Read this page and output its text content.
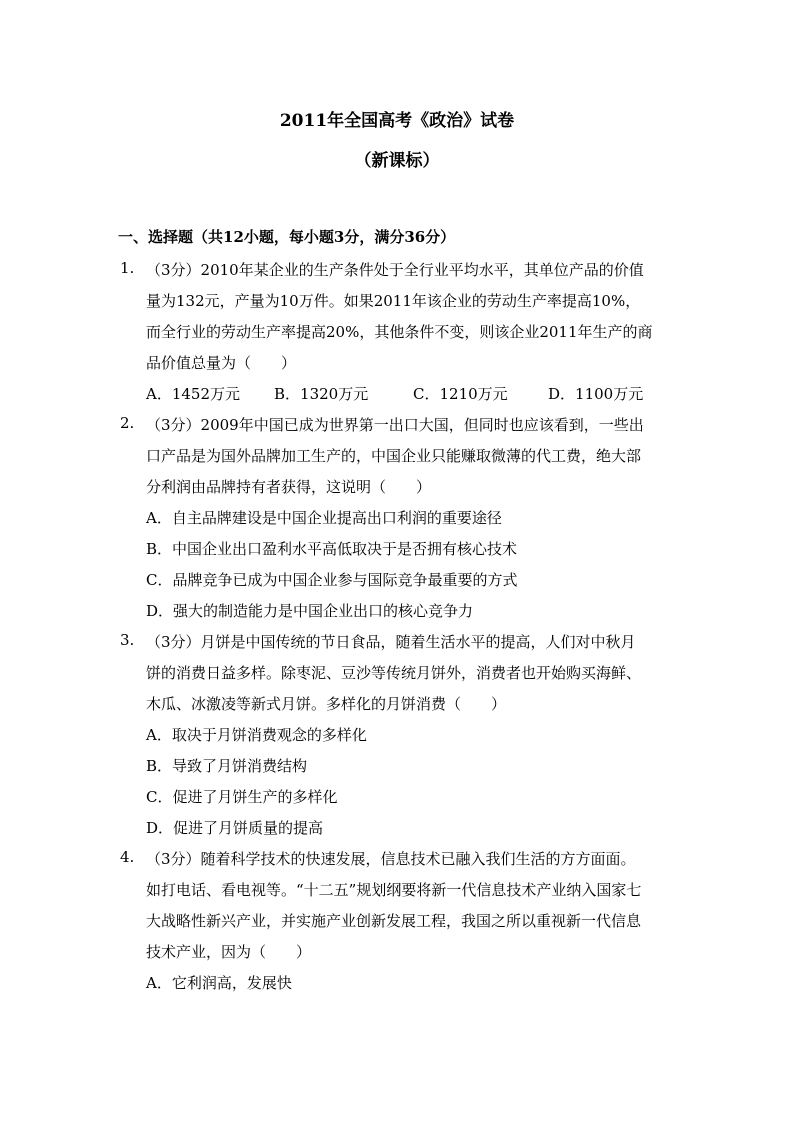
2011年全国高考《政治》试卷
（新课标）
一、选择题（共12小题，每小题3分，满分36分）
1. （3分）2010年某企业的生产条件处于全行业平均水平，其单位产品的价值
量为132元，产量为10万件。如果2011年该企业的劳动生产率提高10%，
而全行业的劳动生产率提高20%，其他条件不变，则该企业2011年生产的商
品价值总量为（　　）
A．1452万元 B．1320万元	C．1210万元	D．1100万元
2. （3分）2009年中国已成为世界第一出口大国，但同时也应该看到，一些出
口产品是为国外品牌加工生产的，中国企业只能赚取微薄的代工费，绝大部
分利润由品牌持有者获得，这说明（　　）
A．自主品牌建设是中国企业提高出口利润的重要途径
B．中国企业出口盈利水平高低取决于是否拥有核心技术
C．品牌竞争已成为中国企业参与国际竞争最重要的方式
D．强大的制造能力是中国企业出口的核心竞争力
3. （3分）月饼是中国传统的节日食品，随着生活水平的提高，人们对中秋月
饼的消费日益多样。除枣泥、豆沙等传统月饼外，消费者也开始购买海鲜、
木瓜、冰激凌等新式月饼。多样化的月饼消费（　　）
A．取决于月饼消费观念的多样化
B．导致了月饼消费结构
C．促进了月饼生产的多样化
D．促进了月饼质量的提高
4. （3分）随着科学技术的快速发展，信息技术已融入我们生活的方方面面。
如打电话、看电视等。“十二五”规划纲要将新一代信息技术产业纳入国家七
大战略性新兴产业，并实施产业创新发展工程，我国之所以重视新一代信息
技术产业，因为（　　）
A．它利润高，发展快
